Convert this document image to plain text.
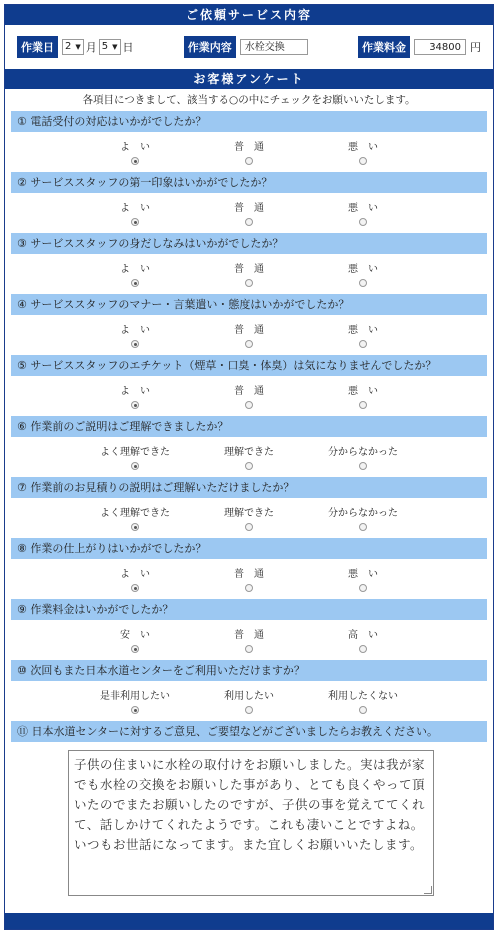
ご依頼サービス内容
作業日	2 ▼ 月 5 ▼ 日	作業内容	水栓交換	作業料金	34800 円
お客様アンケート
各項目につきまして、該当する○の中にチェックをお願いいたします。
① 電話受付の対応はいかがでしたか？
よ　い	普　通	悪　い
② サービススタッフの第一印象はいかがでしたか？
よ　い	普　通	悪　い
③ サービススタッフの身だしなみはいかがでしたか？
よ　い	普　通	悪　い
④ サービススタッフのマナー・言葉遣い・態度はいかがでしたか？
よ　い	普　通	悪　い
⑤ サービススタッフのエチケット（煙草・口臭・体臭）は気になりませんでしたか？
よ　い	普　通	悪　い
⑥ 作業前のご説明はご理解できましたか？
よく理解できた	理解できた	分からなかった
⑦ 作業前のお見積りの説明はご理解いただけましたか？
よく理解できた	理解できた	分からなかった
⑧ 作業の仕上がりはいかがでしたか？
よ　い	普　通	悪　い
⑨ 作業料金はいかがでしたか？
安　い	普　通	高　い
⑩ 次回もまた日本水道センターをご利用いただけますか？
是非利用したい	利用したい	利用したくない
⑪ 日本水道センターに対するご意見、ご要望などがございましたらお教えください。
子供の住まいに水栓の取付けをお願いしました。実は我が家でも水栓の交換をお願いした事があり、とても良くやって頂いたのでまたお願いしたのですが、子供の事を覚えててくれて、話しかけてくれたようです。これも凄いことですよね。いつもお世話になってます。また宜しくお願いいたします。
